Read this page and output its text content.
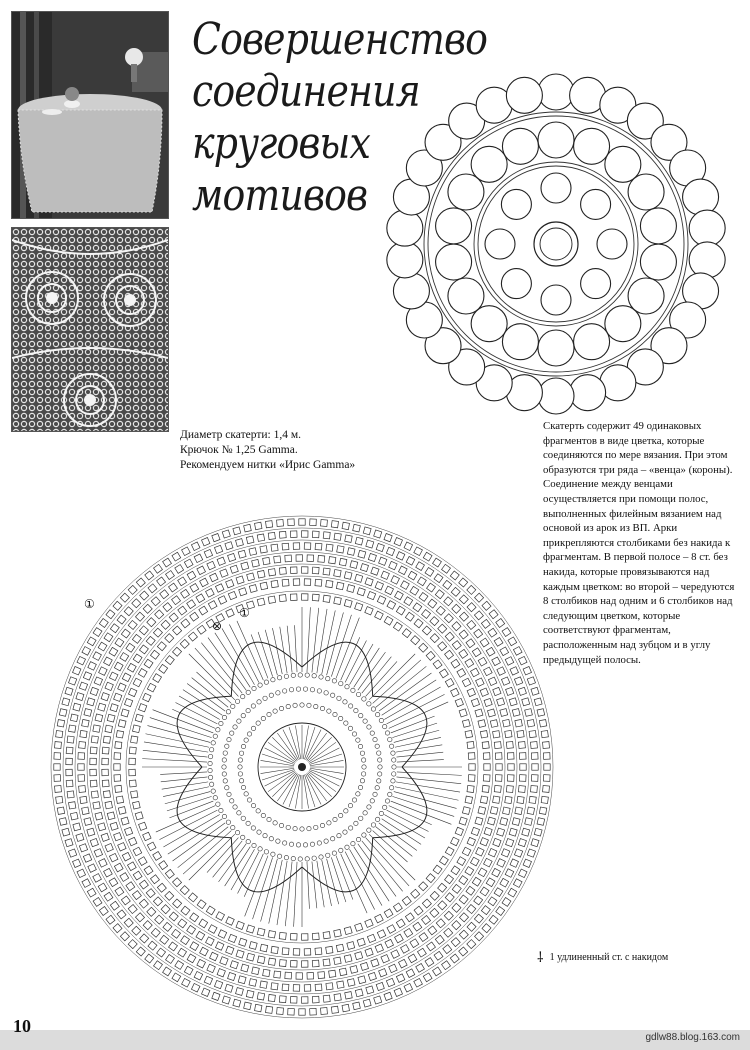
Совершенство
соединения
круговых
мотивов
Диаметр скатерти: 1,4 м.
Крючок № 1,25 Gamma.
Рекомендуем нитки «Ирис Gamma»
Скатерть содержит 49 одинаковых фрагментов в виде цветка, которые соединяются по мере вязания. При этом образуются три ряда – «венца» (короны). Соединение между венцами осуществляется при помощи полос, выполненных филейным вязанием над основой из арок из ВП. Арки прикрепляются столбиками без накида к фрагментам. В первой полосе – 8 ст. без накида, которые провязываются над каждым цветком: во второй – чередуются 8 столбиков над одним и 6 столбиков над следующим цветком, которые соответствуют фрагментам, расположенным над зубцом и в углу предыдущей полосы.
①
⊗
①
⸸ 1 удлиненный ст. с накидом
10
gdlw88.blog.163.com
